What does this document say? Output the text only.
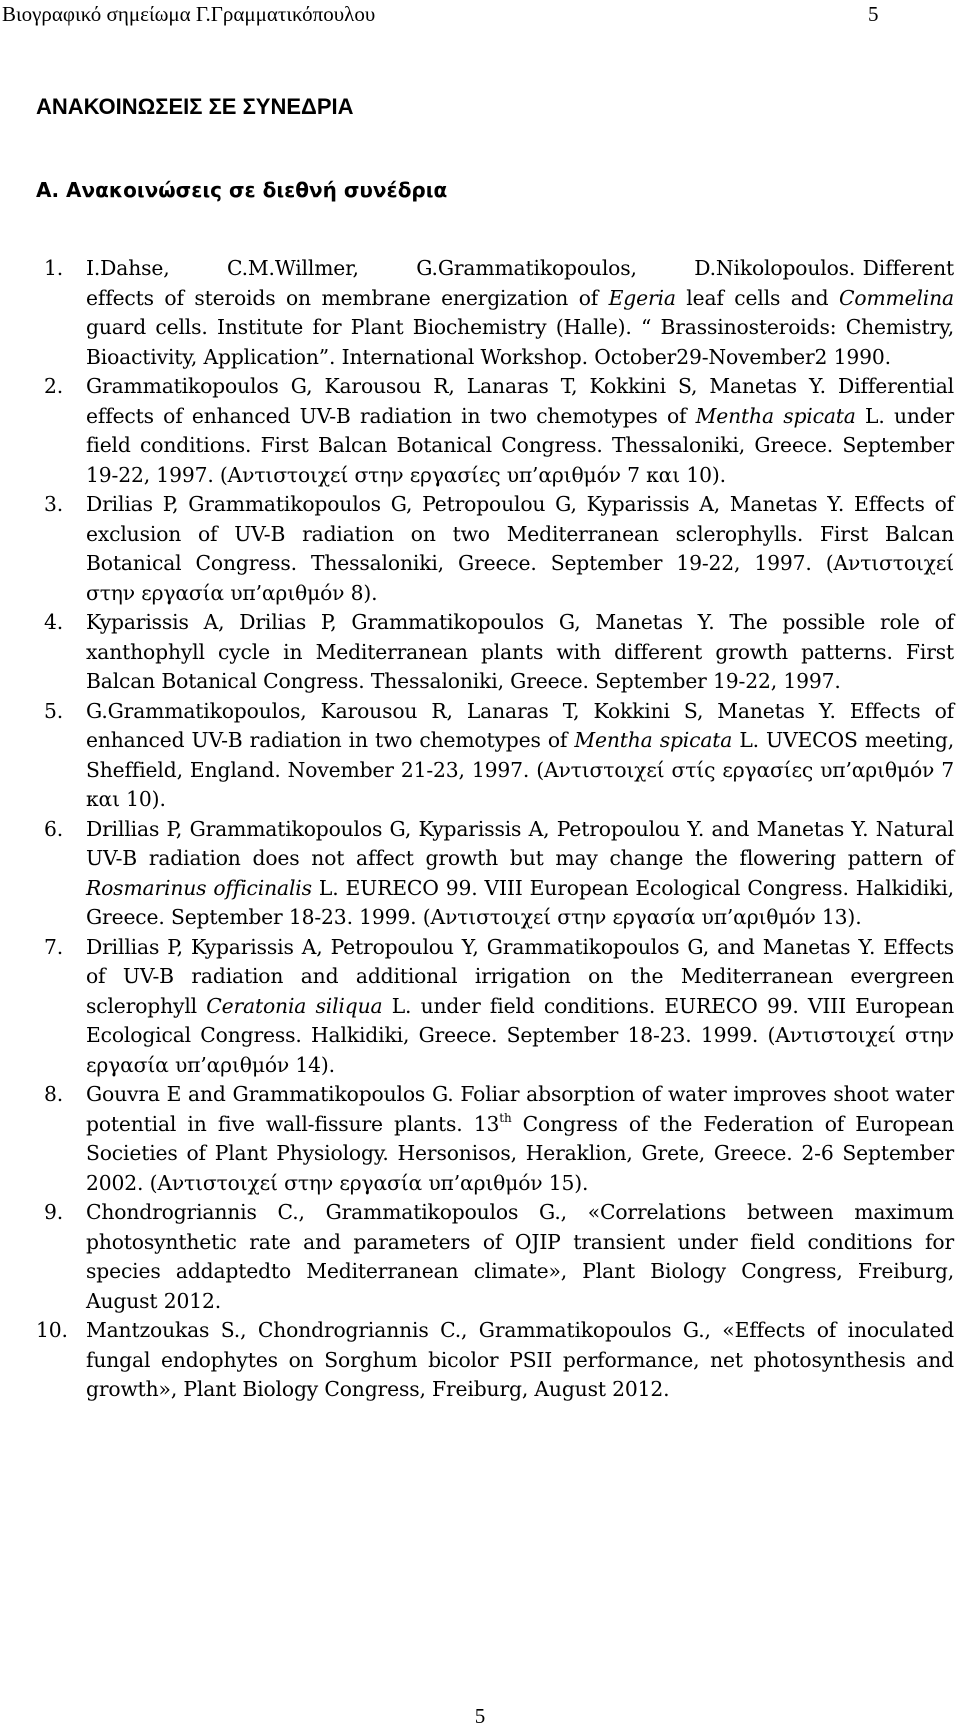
Βιογραφικό σημείωμα Γ.Γραμματικόπουλου	5
ΑΝΑΚΟΙΝΩΣΕΙΣ ΣΕ ΣΥΝΕΔΡΙΑ
Α. Ανακοινώσεις σε διεθνή συνέδρια
1.	I.Dahse, C.M.Willmer, G.Grammatikopoulos, D.Nikolopoulos. Different effects of steroids on membrane energization of Egeria leaf cells and Commelina guard cells. Institute for Plant Biochemistry (Halle). “ Brassinosteroids: Chemistry, Bioactivity, Application”. International Workshop. October29-November2 1990.
2.	Grammatikopoulos G, Karousou R, Lanaras T, Kokkini S, Manetas Y. Differential effects of enhanced UV-B radiation in two chemotypes of Mentha spicata L. under field conditions. First Balcan Botanical Congress. Thessaloniki, Greece. September 19-22, 1997. (Αντιστοιχεί στην εργασίες υπ’αριθμόν 7 και 10).
3.	Drilias P, Grammatikopoulos G, Petropoulou G, Kyparissis A, Manetas Y. Effects of exclusion of UV-B radiation on two Mediterranean sclerophylls. First Balcan Botanical Congress. Thessaloniki, Greece. September 19-22, 1997. (Αντιστοιχεί στην εργασία υπ’αριθμόν 8).
4.	Kyparissis A, Drilias P, Grammatikopoulos G, Manetas Y. The possible role of xanthophyll cycle in Mediterranean plants with different growth patterns. First Balcan Botanical Congress. Thessaloniki, Greece. September 19-22, 1997.
5.	G.Grammatikopoulos, Karousou R, Lanaras T, Kokkini S, Manetas Y. Effects of enhanced UV-B radiation in two chemotypes of Mentha spicata L. UVECOS meeting, Sheffield, England. November 21-23, 1997. (Αντιστοιχεί στίς εργασίες υπ’αριθμόν 7 και 10).
6.	Drillias P, Grammatikopoulos G, Kyparissis A, Petropoulou Y. and Manetas Y. Natural UV-B radiation does not affect growth but may change the flowering pattern of Rosmarinus officinalis L. EURECO 99. VIII European Ecological Congress. Halkidiki, Greece. September 18-23. 1999. (Αντιστοιχεί στην εργασία υπ’αριθμόν 13).
7.	Drillias P, Kyparissis A, Petropoulou Y, Grammatikopoulos G, and Manetas Y. Effects of UV-B radiation and additional irrigation on the Mediterranean evergreen sclerophyll Ceratonia siliqua L. under field conditions. EURECO 99. VIII European Ecological Congress. Halkidiki, Greece. September 18-23. 1999. (Αντιστοιχεί στην εργασία υπ’αριθμόν 14).
8.	Gouvra E and Grammatikopoulos G. Foliar absorption of water improves shoot water potential in five wall-fissure plants. 13th Congress of the Federation of European Societies of Plant Physiology. Hersonisos, Heraklion, Grete, Greece. 2-6 September 2002. (Αντιστοιχεί στην εργασία υπ’αριθμόν 15).
9.	Chondrogriannis C., Grammatikopoulos G., «Correlations between maximum photosynthetic rate and parameters of OJIP transient under field conditions for species addaptedto Mediterranean climate», Plant Biology Congress, Freiburg, August 2012.
10. Mantzoukas S., Chondrogriannis C., Grammatikopoulos G., «Effects of inoculated fungal endophytes on Sorghum bicolor PSII performance, net photosynthesis and growth», Plant Biology Congress, Freiburg, August 2012.
5
